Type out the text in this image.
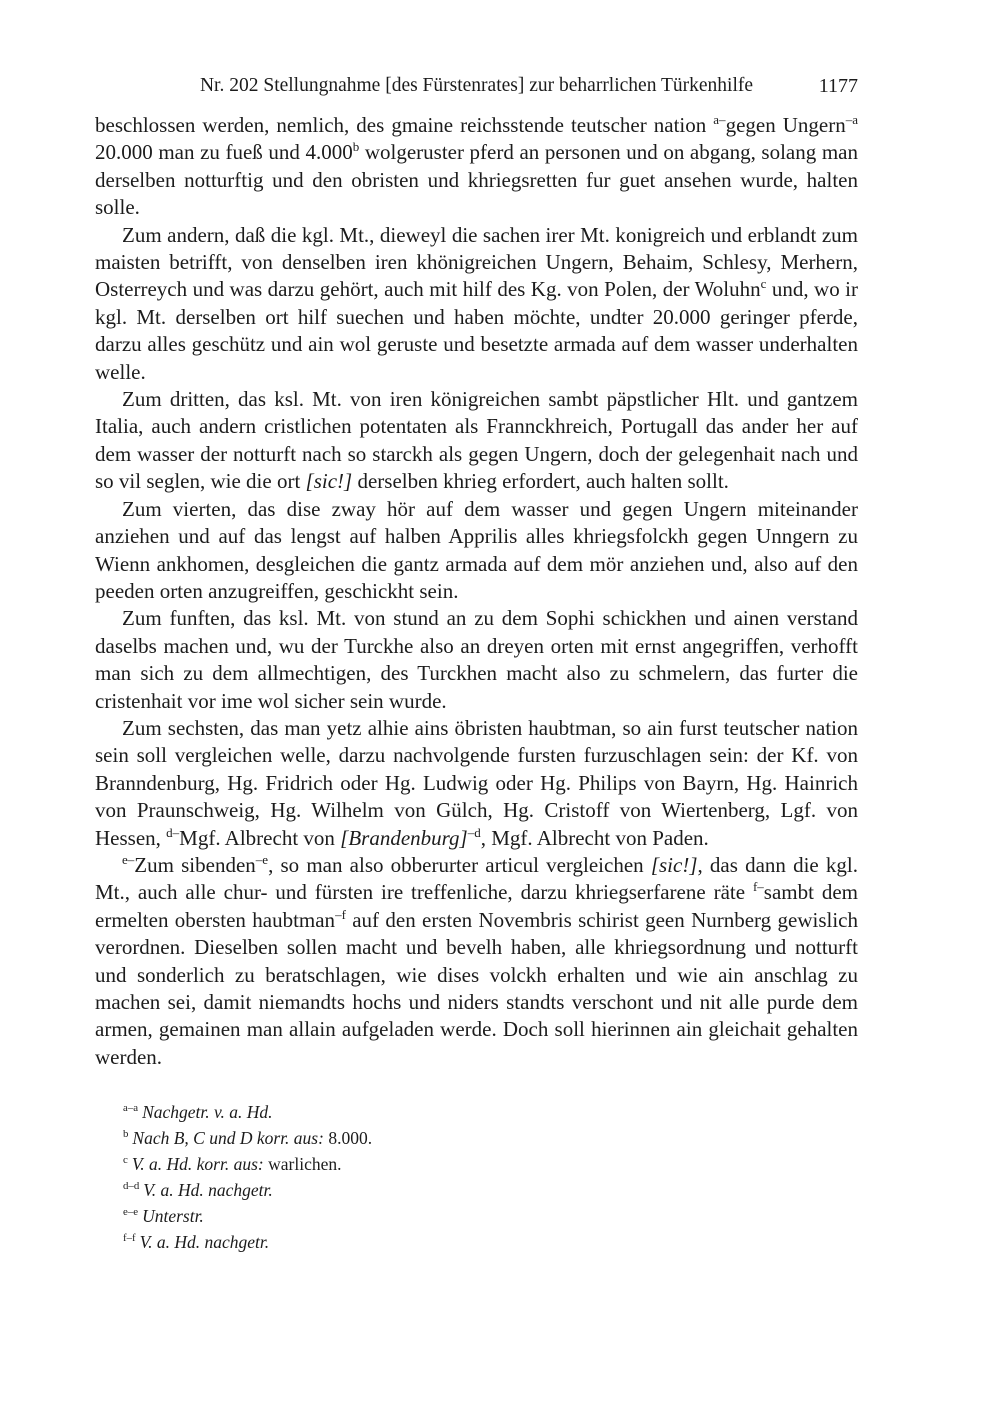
Nr. 202 Stellungnahme [des Fürstenrates] zur beharrlichen Türkenhilfe	1177

beschlossen werden, nemlich, des gmaine reichsstende teutscher nation $^{a-}$gegen Ungern$^{-a}$ 20.000 man zu fueß und 4.000$^b$ wolgeruster pferd an personen und on abgang, solang man derselben notturftig und den obristen und khriegsretten fur guet ansehen wurde, halten solle.

Zum andern, daß die kgl. Mt., dieweyl die sachen irer Mt. konigreich und erblandt zum maisten betrifft, von denselben iren khönigreichen Ungern, Behaim, Schlesy, Merhern, Osterreych und was darzu gehört, auch mit hilf des Kg. von Polen, der Woluhn$^c$ und, wo ir kgl. Mt. derselben ort hilf suechen und haben möchte, undter 20.000 geringer pferde, darzu alles geschütz und ain wol geruste und besetzte armada auf dem wasser underhalten welle.

Zum dritten, das ksl. Mt. von iren königreichen sambt päpstlicher Hlt. und gantzem Italia, auch andern cristlichen potentaten als Frannckhreich, Portugall das ander her auf dem wasser der notturft nach so starckh als gegen Ungern, doch der gelegenhait nach und so vil seglen, wie die ort [sic!] derselben khrieg erfordert, auch halten sollt.

Zum vierten, das dise zway hör auf dem wasser und gegen Ungern miteinander anziehen und auf das lengst auf halben Apprilis alles khriegsfolckh gegen Unngern zu Wienn ankhomen, desgleichen die gantz armada auf dem mör anziehen und, also auf den peeden orten anzugreiffen, geschickht sein.

Zum funften, das ksl. Mt. von stund an zu dem Sophi schickhen und ainen verstand daselbs machen und, wu der Turckhe also an dreyen orten mit ernst angegriffen, verhofft man sich zu dem allmechtigen, des Turckhen macht also zu schmelern, das furter die cristenhait vor ime wol sicher sein wurde.

Zum sechsten, das man yetz alhie ains öbristen haubtman, so ain furst teutscher nation sein soll vergleichen welle, darzu nachvolgende fursten furzuschlagen sein: der Kf. von Branndenburg, Hg. Fridrich oder Hg. Ludwig oder Hg. Philips von Bayrn, Hg. Hainrich von Praunschweig, Hg. Wilhelm von Gülch, Hg. Cristoff von Wiertenberg, Lgf. von Hessen, $^{d-}$Mgf. Albrecht von [Brandenburg]$^{-d}$, Mgf. Albrecht von Paden.

$^{e-}$Zum sibenden$^{-e}$, so man also obberurter articul vergleichen [sic!], das dann die kgl. Mt., auch alle chur- und fürsten ire treffenliche, darzu khriegserfarene räte $^{f-}$sambt dem ermelten obersten haubtman$^{-f}$ auf den ersten Novembris schirist geen Nurnberg gewislich verordnen. Dieselben sollen macht und bevelh haben, alle khriegsordnung und notturft und sonderlich zu beratschlagen, wie dises volckh erhalten und wie ain anschlag zu machen sei, damit niemandts hochs und niders standts verschont und nit alle purde dem armen, gemainen man allain aufgeladen werde. Doch soll hierinnen ain gleichait gehalten werden.

$^{a-a}$ Nachgetr. v. a. Hd.
$^b$ Nach B, C und D korr. aus: 8.000.
$^c$ V. a. Hd. korr. aus: warlichen.
$^{d-d}$ V. a. Hd. nachgetr.
$^{e-e}$ Unterstr.
$^{f-f}$ V. a. Hd. nachgetr.
